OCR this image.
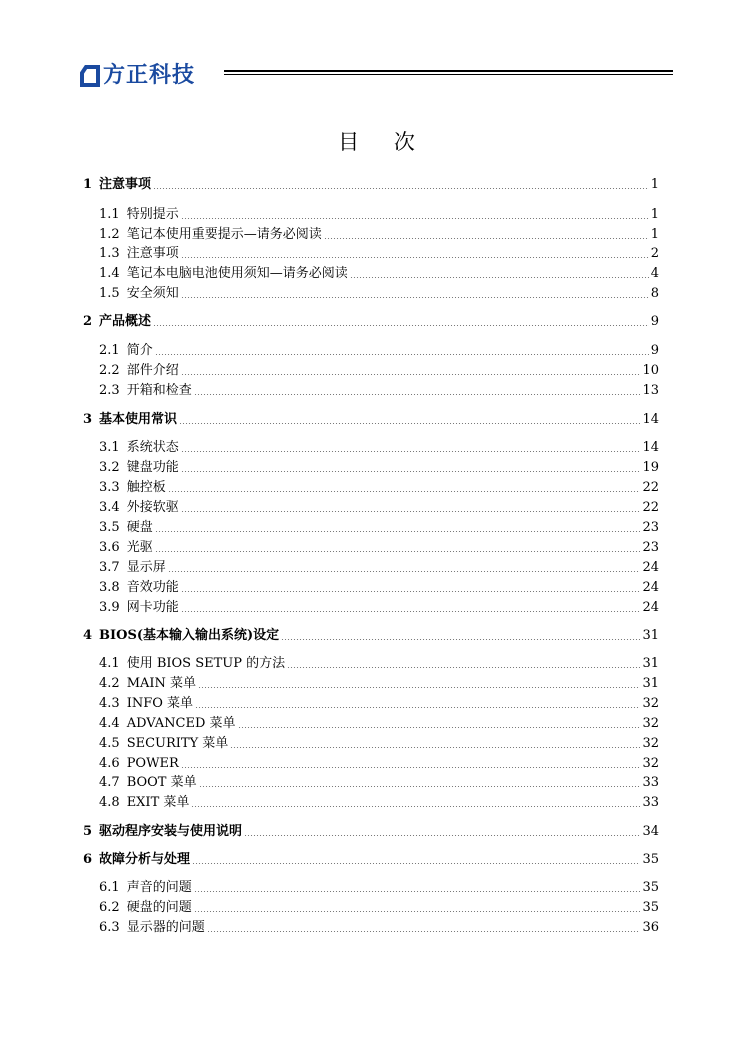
方正科技
目 次
1 注意事项	1
1.1 特别提示	1
1.2 笔记本使用重要提示—请务必阅读	1
1.3 注意事项	2
1.4 笔记本电脑电池使用须知—请务必阅读	4
1.5 安全须知	8
2 产品概述	9
2.1 简介	9
2.2 部件介绍	10
2.3 开箱和检查	13
3 基本使用常识	14
3.1 系统状态	14
3.2 键盘功能	19
3.3 触控板	22
3.4 外接软驱	22
3.5 硬盘	23
3.6 光驱	23
3.7 显示屏	24
3.8 音效功能	24
3.9 网卡功能	24
4 BIOS(基本输入输出系统)设定	31
4.1 使用 BIOS SETUP 的方法	31
4.2 MAIN 菜单	31
4.3 INFO 菜单	32
4.4 ADVANCED 菜单	32
4.5 SECURITY 菜单	32
4.6 POWER	32
4.7 BOOT 菜单	33
4.8 EXIT 菜单	33
5 驱动程序安装与使用说明	34
6 故障分析与处理	35
6.1 声音的问题	35
6.2 硬盘的问题	35
6.3 显示器的问题	36
